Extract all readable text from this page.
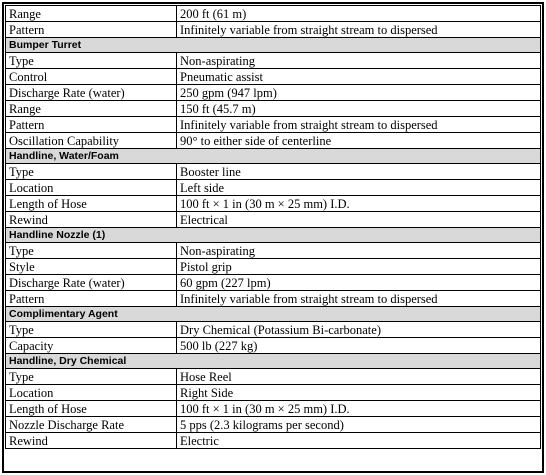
Range	200 ft (61 m)
Pattern	Infinitely variable from straight stream to dispersed
Bumper Turret	
Type	Non-aspirating
Control	Pneumatic assist
Discharge Rate (water)	250 gpm (947 lpm)
Range	150 ft (45.7 m)
Pattern	Infinitely variable from straight stream to dispersed
Oscillation Capability	90° to either side of centerline
Handline, Water/Foam	
Type	Booster line
Location	Left side
Length of Hose	100 ft × 1 in (30 m × 25 mm) I.D.
Rewind	Electrical
Handline Nozzle (1)	
Type	Non-aspirating
Style	Pistol grip
Discharge Rate (water)	60 gpm (227 lpm)
Pattern	Infinitely variable from straight stream to dispersed
Complimentary Agent	
Type	Dry Chemical (Potassium Bi-carbonate)
Capacity	500 lb (227 kg)
Handline, Dry Chemical	
Type	Hose Reel
Location	Right Side
Length of Hose	100 ft × 1 in (30 m × 25 mm) I.D.
Nozzle Discharge Rate	5 pps (2.3 kilograms per second)
Rewind	Electric
